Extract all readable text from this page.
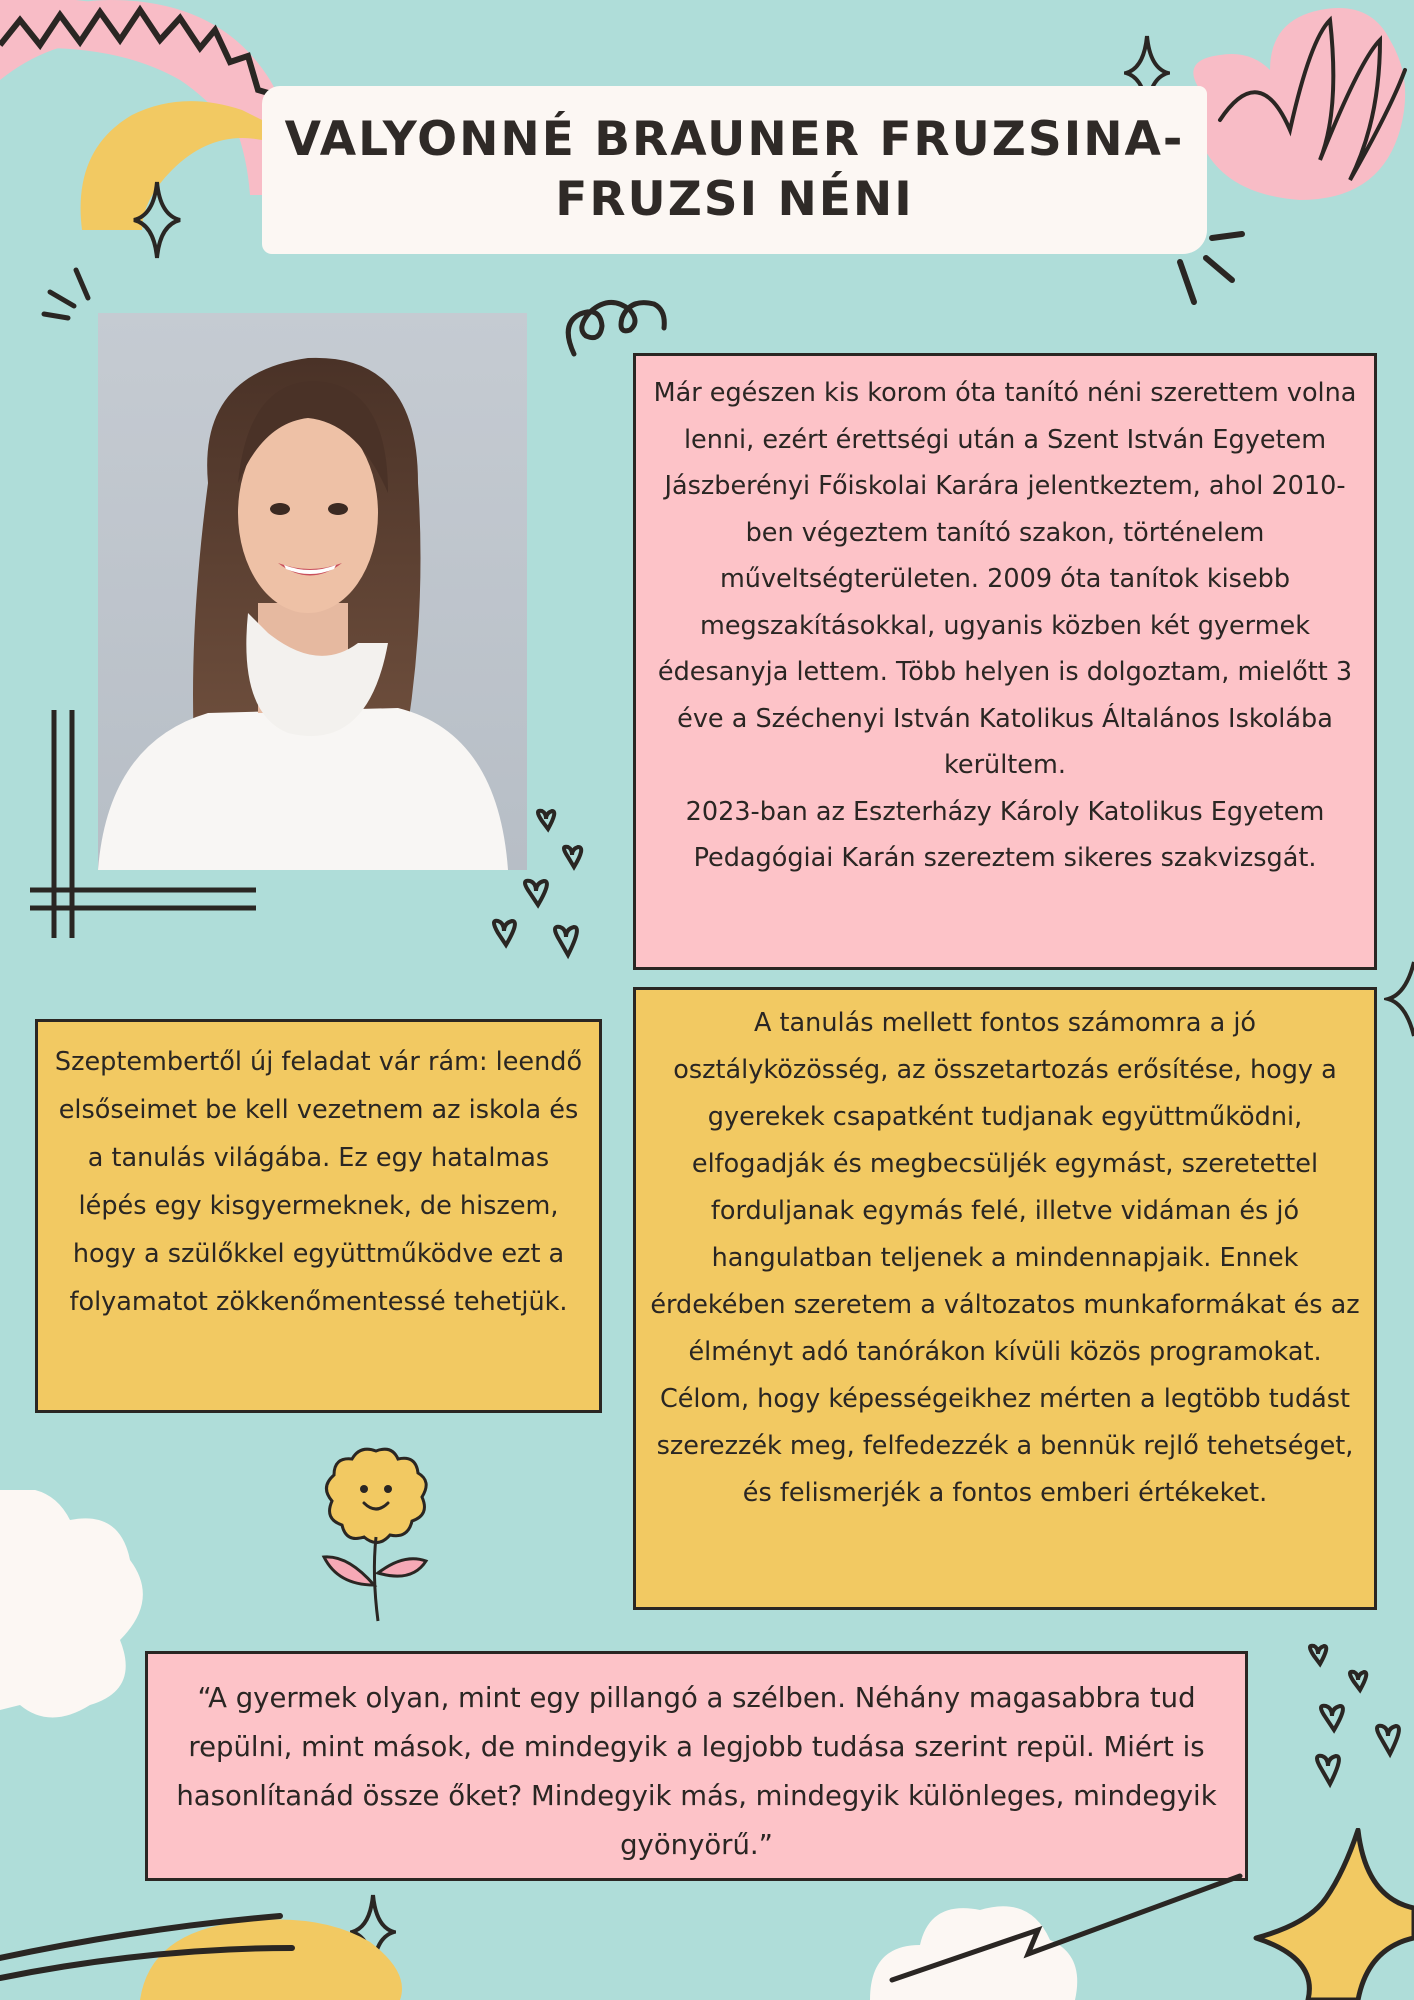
VALYONNÉ BRAUNER FRUZSINA-
FRUZSI NÉNI

Már egészen kis korom óta tanító néni szerettem volna lenni, ezért érettségi után a Szent István Egyetem Jászberényi Főiskolai Karára jelentkeztem, ahol 2010-ben végeztem tanító szakon, történelem műveltségterületen. 2009 óta tanítok kisebb megszakításokkal, ugyanis közben két gyermek édesanyja lettem. Több helyen is dolgoztam, mielőtt 3 éve a Széchenyi István Katolikus Általános Iskolába kerültem.

2023-ban az Eszterházy Károly Katolikus Egyetem Pedagógiai Karán szereztem sikeres szakvizsgát.

Szeptembertől új feladat vár rám: leendő elsőseimet be kell vezetnem az iskola és a tanulás világába. Ez egy hatalmas lépés egy kisgyermeknek, de hiszem, hogy a szülőkkel együttműködve ezt a folyamatot zökkenőmentessé tehetjük.

A tanulás mellett fontos számomra a jó osztályközösség, az összetartozás erősítése, hogy a gyerekek csapatként tudjanak együttműködni, elfogadják és megbecsüljék egymást, szeretettel forduljanak egymás felé, illetve vidáman és jó hangulatban teljenek a mindennapjaik. Ennek érdekében szeretem a változatos munkaformákat és az élményt adó tanórákon kívüli közös programokat.

Célom, hogy képességeikhez mérten a legtöbb tudást szerezzék meg, felfedezzék a bennük rejlő tehetséget, és felismerjék a fontos emberi értékeket.

“A gyermek olyan, mint egy pillangó a szélben. Néhány magasabbra tud repülni, mint mások, de mindegyik a legjobb tudása szerint repül. Miért is hasonlítanád össze őket? Mindegyik más, mindegyik különleges, mindegyik gyönyörű.”
